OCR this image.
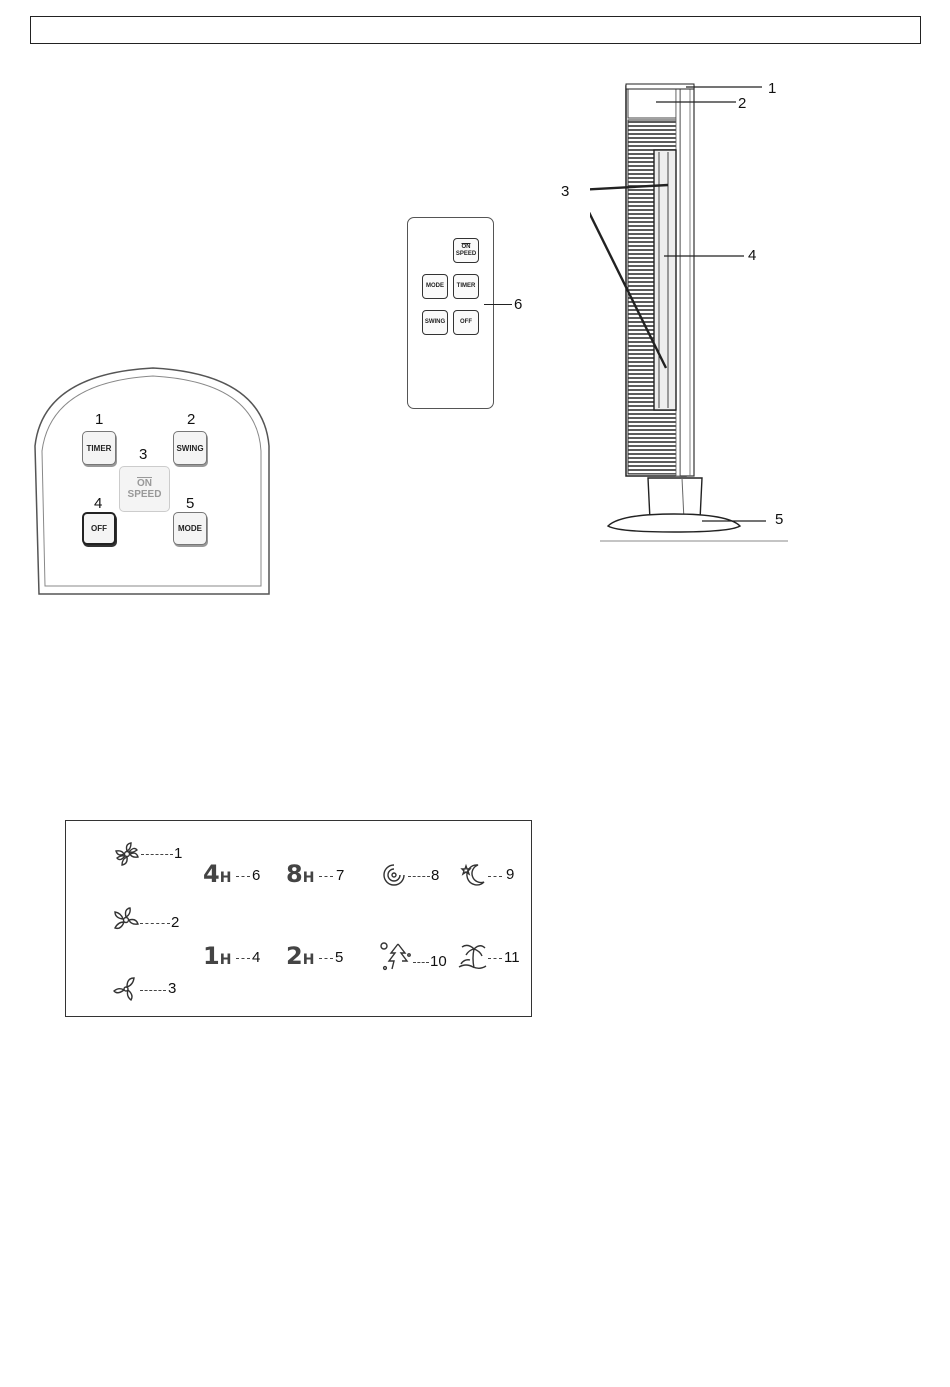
1	2
3
4	5
TIMER	SWING
$\overline{ON}$
SPEED
OFF	MODE
$\overline{ON}$
SPEED
MODE	TIMER
SWING	OFF
6
1
2
3
4
5
1
2
3
4H 6 8H 7
1H 4 2H 5
8	9
10	11
